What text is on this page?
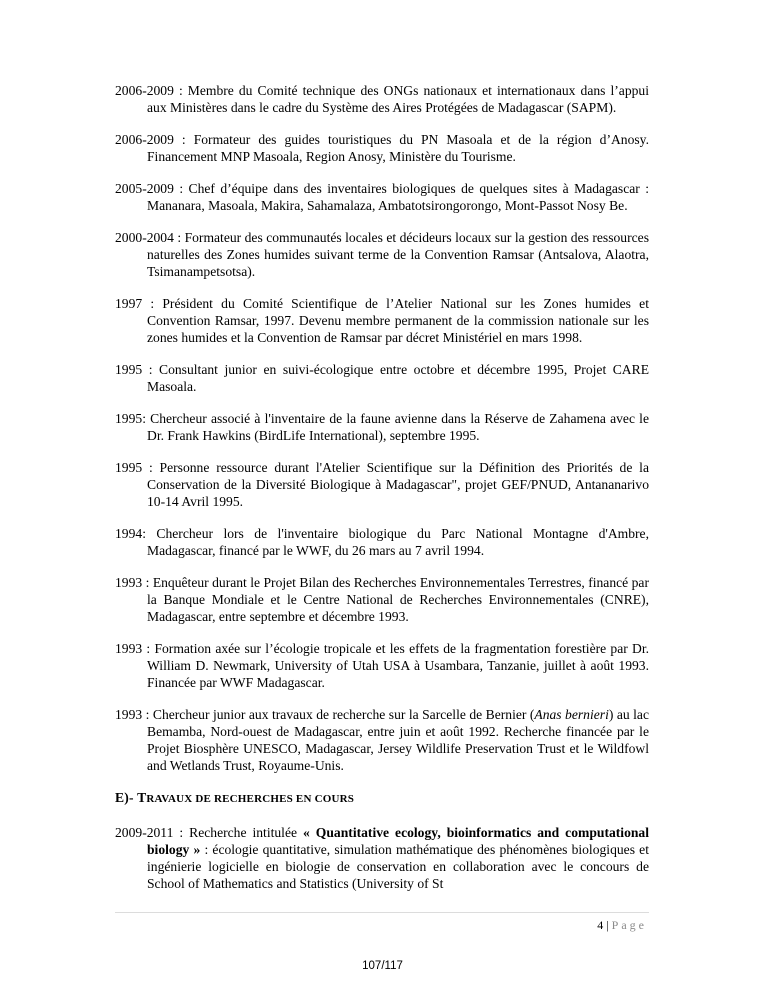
2006-2009 : Membre du Comité technique des ONGs nationaux et internationaux dans l’appui aux Ministères dans le cadre du Système des Aires Protégées de Madagascar (SAPM).

2006-2009 : Formateur des guides touristiques du PN Masoala et de la région d’Anosy. Financement MNP Masoala, Region Anosy, Ministère du Tourisme.

2005-2009 : Chef d’équipe dans des inventaires biologiques de quelques sites à Madagascar : Mananara, Masoala, Makira, Sahamalaza, Ambatotsirongorongo, Mont-Passot Nosy Be.

2000-2004 : Formateur des communautés locales et décideurs locaux sur la gestion des ressources naturelles des Zones humides suivant terme de la Convention Ramsar (Antsalova, Alaotra, Tsimanampetsotsa).

1997 : Président du Comité Scientifique de l’Atelier National sur les Zones humides et Convention Ramsar, 1997. Devenu membre permanent de la commission nationale sur les zones humides et la Convention de Ramsar par décret Ministériel en mars 1998.

1995 : Consultant junior en suivi-écologique entre octobre et décembre 1995, Projet CARE Masoala.

1995: Chercheur associé à l'inventaire de la faune avienne dans la Réserve de Zahamena avec le Dr. Frank Hawkins (BirdLife International), septembre 1995.

1995 : Personne ressource durant l'Atelier Scientifique sur la Définition des Priorités de la Conservation de la Diversité Biologique à Madagascar", projet GEF/PNUD, Antananarivo 10-14 Avril 1995.

1994: Chercheur lors de l'inventaire biologique du Parc National Montagne d'Ambre, Madagascar, financé par le WWF, du 26 mars au 7 avril 1994.

1993 : Enquêteur durant le Projet Bilan des Recherches Environnementales Terrestres, financé par la Banque Mondiale et le Centre National de Recherches Environnementales (CNRE), Madagascar, entre septembre et décembre 1993.

1993 : Formation axée sur l’écologie tropicale et les effets de la fragmentation forestière par Dr. William D. Newmark, University of Utah USA à Usambara, Tanzanie, juillet à août 1993. Financée par WWF Madagascar.

1993 : Chercheur junior aux travaux de recherche sur la Sarcelle de Bernier (Anas bernieri) au lac Bemamba, Nord-ouest de Madagascar, entre juin et août 1992. Recherche financée par le Projet Biosphère UNESCO, Madagascar, Jersey Wildlife Preservation Trust et le Wildfowl and Wetlands Trust, Royaume-Unis.

E)- TRAVAUX DE RECHERCHES EN COURS

2009-2011 : Recherche intitulée « Quantitative ecology, bioinformatics and computational biology » : écologie quantitative, simulation mathématique des phénomènes biologiques et ingénierie logicielle en biologie de conservation en collaboration avec le concours de School of Mathematics and Statistics (University of St

4 | Page
107/117
